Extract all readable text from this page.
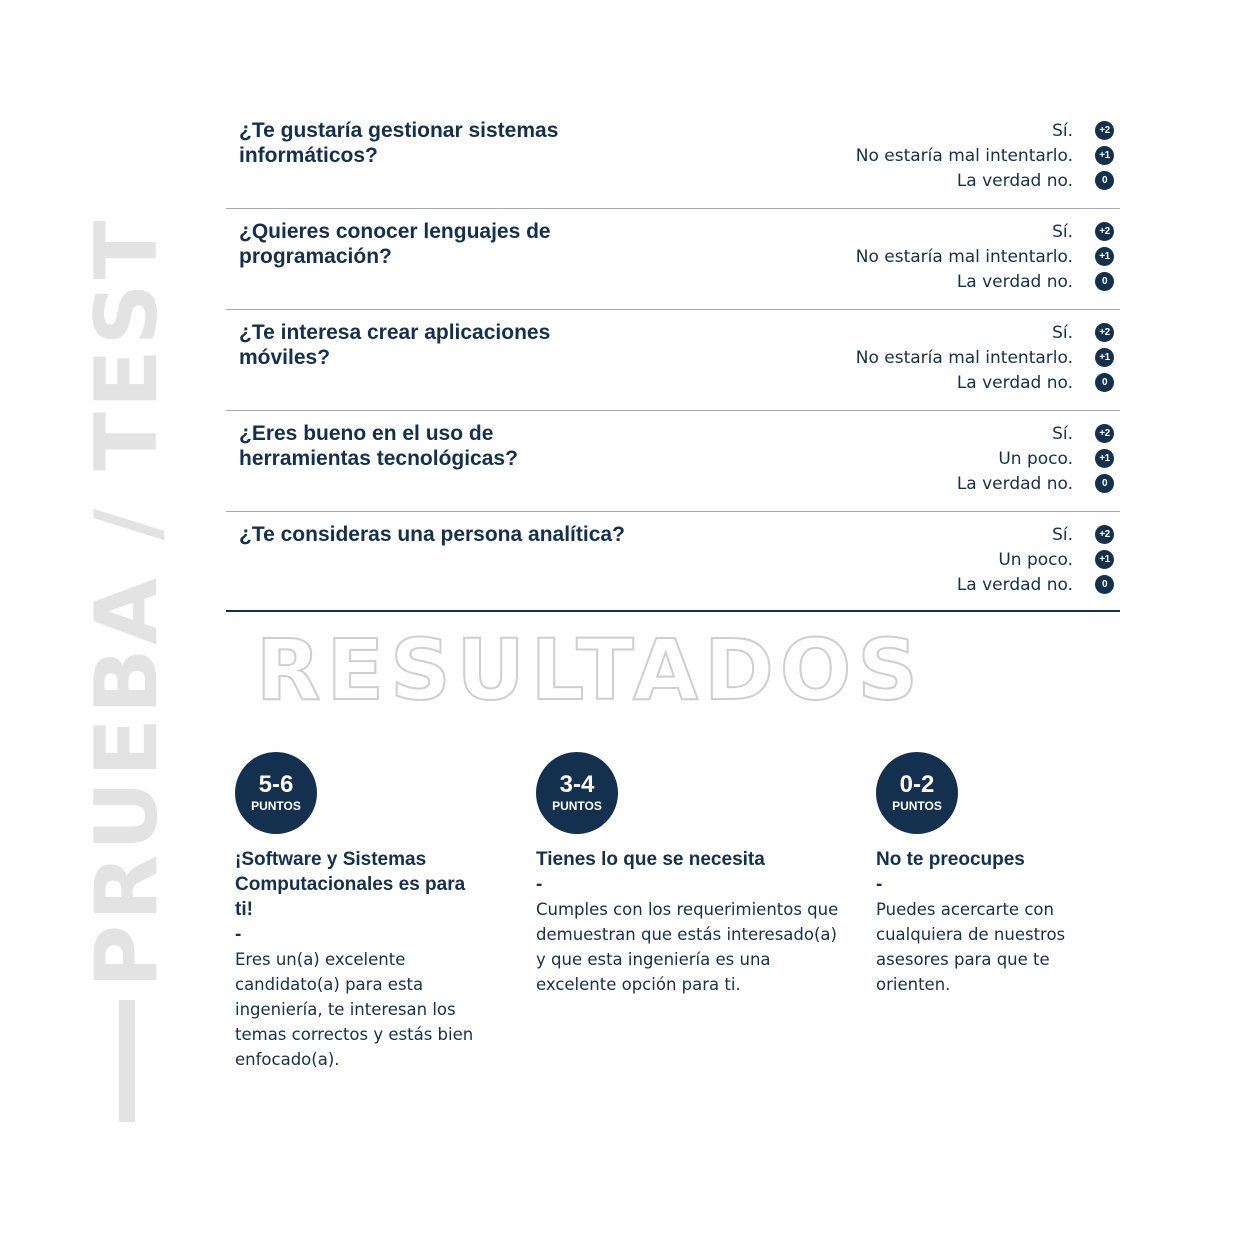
PRUEBA / TEST
¿Te gustaría gestionar sistemas informáticos?
Sí.	+2
No estaría mal intentarlo.	+1
La verdad no.	0
¿Quieres conocer lenguajes de programación?
Sí.	+2
No estaría mal intentarlo.	+1
La verdad no.	0
¿Te interesa crear aplicaciones móviles?
Sí.	+2
No estaría mal intentarlo.	+1
La verdad no.	0
¿Eres bueno en el uso de herramientas tecnológicas?
Sí.	+2
Un poco.	+1
La verdad no.	0
¿Te consideras una persona analítica?	Sí.	+2
Un poco.	+1
La verdad no.	0
RESULTADOS
5-6
PUNTOS
¡Software y Sistemas Computacionales es para ti!
-
Eres un(a) excelente candidato(a) para esta ingeniería, te interesan los temas correctos y estás bien enfocado(a).
3-4
PUNTOS
Tienes lo que se necesita
-
Cumples con los requerimientos que demuestran que estás interesado(a) y que esta ingeniería es una excelente opción para ti.
0-2
PUNTOS
No te preocupes
-
Puedes acercarte con cualquiera de nuestros asesores para que te orienten.
